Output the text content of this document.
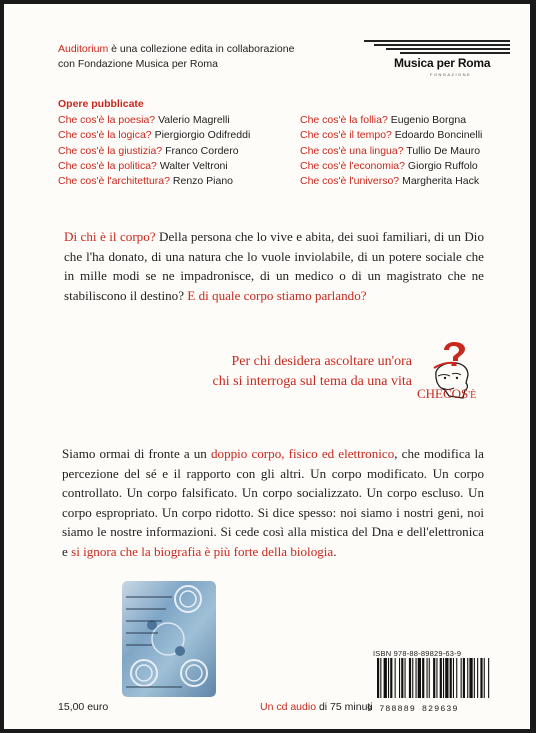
Auditorium è una collezione edita in collaborazione
con Fondazione Musica per Roma	Musica per Roma
FONDAZIONE
Opere pubblicate
Che cos'è la poesia? Valerio Magrelli
Che cos'è la logica? Piergiorgio Odifreddi
Che cos'è la giustizia? Franco Cordero
Che cos'è la politica? Walter Veltroni
Che cos'è l'architettura? Renzo Piano
Che cos'è la follia? Eugenio Borgna
Che cos'è il tempo? Edoardo Boncinelli
Che cos'è una lingua? Tullio De Mauro
Che cos'è l'economia? Giorgio Ruffolo
Che cos'è l'universo? Margherita Hack
Di chi è il corpo? Della persona che lo vive e abita, dei suoi familiari, di un Dio che l'ha donato, di una natura che lo vuole inviolabile, di un potere sociale che in mille modi se ne impadronisce, di un medico o di un magistrato che ne stabiliscono il destino? E di quale corpo stiamo parlando?
Per chi desidera ascoltare un'ora
chi si interroga sul tema da una vita
CHECOS'È
Siamo ormai di fronte a un doppio corpo, fisico ed elettronico, che modifica la percezione del sé e il rapporto con gli altri. Un corpo modificato. Un corpo controllato. Un corpo falsificato. Un corpo socializzato. Un corpo escluso. Un corpo espropriato. Un corpo ridotto. Si dice spesso: noi siamo i nostri geni, noi siamo le nostre informazioni. Si cede così alla mistica del Dna e dell'elettronica e si ignora che la biografia è più forte della biologia.
ISBN 978-88-89829-63-9
9 788889 829639
15,00 euro	Un cd audio di 75 minuti
